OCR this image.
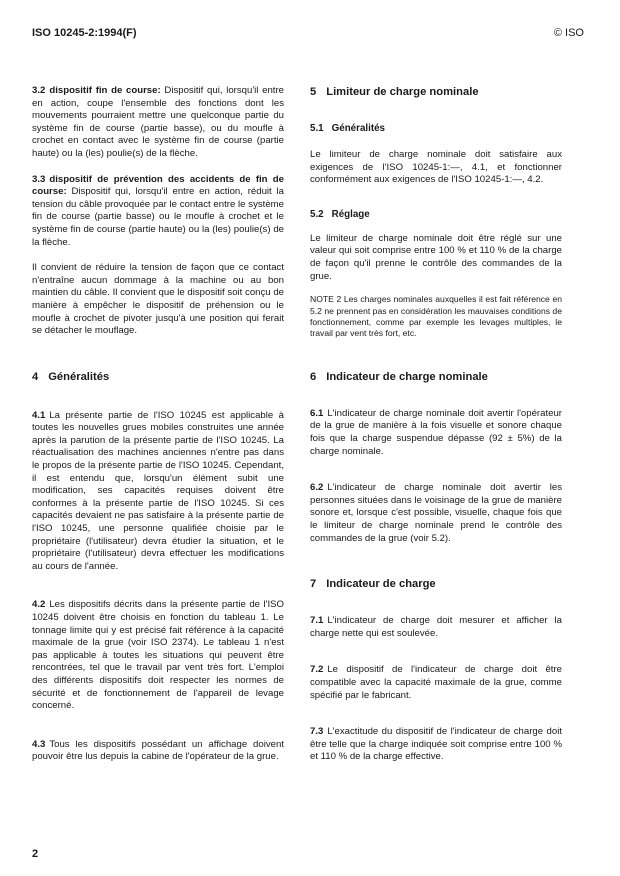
ISO 10245-2:1994(F)	© ISO

3.2 dispositif fin de course: Dispositif qui, lorsqu'il entre en action, coupe l'ensemble des fonctions dont les mouvements pourraient mettre une quelconque partie du système fin de course (partie basse), ou du moufle à crochet en contact avec le système fin de course (partie haute) ou la (les) poulie(s) de la flèche.

3.3 dispositif de prévention des accidents de fin de course: Dispositif qui, lorsqu'il entre en action, réduit la tension du câble provoquée par le contact entre le système fin de course (partie basse) ou le moufle à crochet et le système fin de course (partie haute) ou la (les) poulie(s) de la flèche.

Il convient de réduire la tension de façon que ce contact n'entraîne aucun dommage à la machine ou au bon maintien du câble. Il convient que le dispositif soit conçu de manière à empêcher le dispositif de préhension ou le moufle à crochet de pivoter jusqu'à une position qui ferait se détacher le mouflage.

4 Généralités

4.1 La présente partie de l'ISO 10245 est applicable à toutes les nouvelles grues mobiles construites une année après la parution de la présente partie de l'ISO 10245. La réactualisation des machines anciennes n'entre pas dans le propos de la présente partie de l'ISO 10245. Cependant, il est entendu que, lorsqu'un élément subit une modification, ses capacités requises doivent être conformes à la présente partie de l'ISO 10245. Si ces capacités devaient ne pas satisfaire à la présente partie de l'ISO 10245, une personne qualifiée choisie par le propriétaire (l'utilisateur) devra étudier la situation, et le propriétaire (l'utilisateur) devra effectuer les modifications au cours de l'année.

4.2 Les dispositifs décrits dans la présente partie de l'ISO 10245 doivent être choisis en fonction du tableau 1. Le tonnage limite qui y est précisé fait référence à la capacité maximale de la grue (voir ISO 2374). Le tableau 1 n'est pas applicable à toutes les situations qui peuvent être rencontrées, tel que le travail par vent très fort. L'emploi des différents dispositifs doit respecter les normes de sécurité et de fonctionnement de l'appareil de levage concerné.

4.3 Tous les dispositifs possédant un affichage doivent pouvoir être lus depuis la cabine de l'opérateur de la grue.

5 Limiteur de charge nominale
5.1 Généralités

Le limiteur de charge nominale doit satisfaire aux exigences de l'ISO 10245-1:—, 4.1, et fonctionner conformément aux exigences de l'ISO 10245-1:—, 4.2.

5.2 Réglage

Le limiteur de charge nominale doit être réglé sur une valeur qui soit comprise entre 100 % et 110 % de la charge de façon qu'il prenne le contrôle des commandes de la grue.

NOTE 2 Les charges nominales auxquelles il est fait référence en 5.2 ne prennent pas en considération les mauvaises conditions de fonctionnement, comme par exemple les levages multiples, le travail par vent très fort, etc.

6 Indicateur de charge nominale

6.1 L'indicateur de charge nominale doit avertir l'opérateur de la grue de manière à la fois visuelle et sonore chaque fois que la charge suspendue dépasse (92 ± 5%) de la charge nominale.

6.2 L'indicateur de charge nominale doit avertir les personnes situées dans le voisinage de la grue de manière sonore et, lorsque c'est possible, visuelle, chaque fois que le limiteur de charge nominale prend le contrôle des commandes de la grue (voir 5.2).

7 Indicateur de charge

7.1 L'indicateur de charge doit mesurer et afficher la charge nette qui est soulevée.

7.2 Le dispositif de l'indicateur de charge doit être compatible avec la capacité maximale de la grue, comme spécifié par le fabricant.

7.3 L'exactitude du dispositif de l'indicateur de charge doit être telle que la charge indiquée soit comprise entre 100 % et 110 % de la charge effective.

2
